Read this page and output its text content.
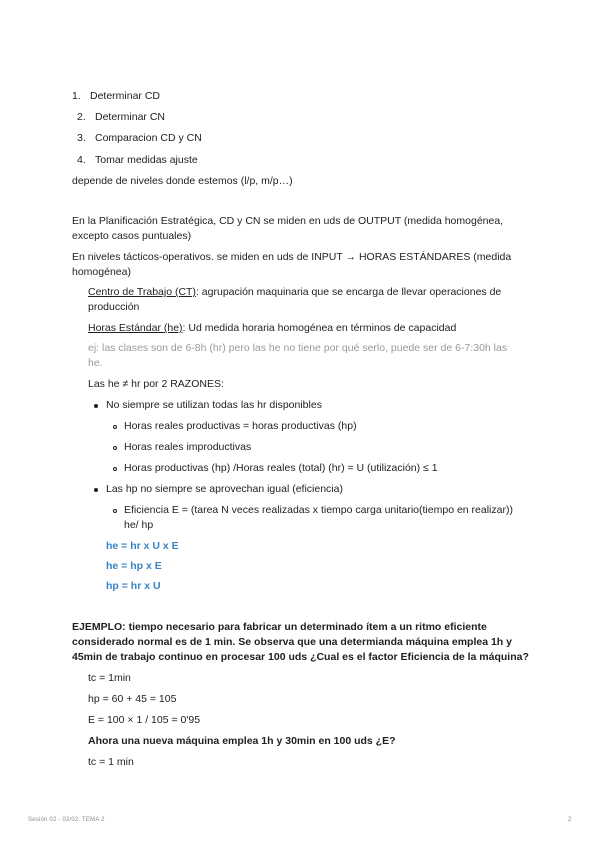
1. Determinar CD

2. Determinar CN

3. Comparacion CD y CN

4. Tomar medidas ajuste

depende de niveles donde estemos (l/p, m/p…)

En la Planificación Estratégica, CD y CN se miden en uds de OUTPUT (medida homogénea,

excepto casos puntuales)

En niveles tácticos-operativos. se miden en uds de INPUT → HORAS ESTÁNDARES (medida

homogénea)

Centro de Trabajo (CT): agrupación maquinaria que se encarga de llevar operaciones de

producción

Horas Estándar (he): Ud medida horaria homogénea en términos de capacidad

ej: las clases son de 6-8h (hr) pero las he no tiene por qué serlo, puede ser de 6-7:30h las

he.

Las he ≠ hr por 2 RAZONES:

No siempre se utilizan todas las hr disponibles

Horas reales productivas = horas productivas (hp)

Horas reales improductivas

Horas productivas (hp) /Horas reales (total) (hr) = U (utilización) ≤ 1

Las hp no siempre se aprovechan igual (eficiencia)

Eficiencia E = (tarea N veces realizadas x tiempo carga unitario(tiempo en realizar))

he/ hp

he = hr x U x E

he = hp x E

hp = hr x U

EJEMPLO: tiempo necesario para fabricar un determinado ítem a un ritmo eficiente

considerado normal es de 1 min. Se observa que una determianda máquina emplea 1h y

45min de trabajo continuo en procesar 100 uds ¿Cual es el factor Eficiencia de la máquina?

tc = 1min

hp = 60 + 45 = 105

E = 100 × 1 / 105 = 0'95

Ahora una nueva máquina emplea 1h y 30min en 100 uds ¿E?

tc = 1 min

Sesión 02 - 02/02: TEMA 2	2
